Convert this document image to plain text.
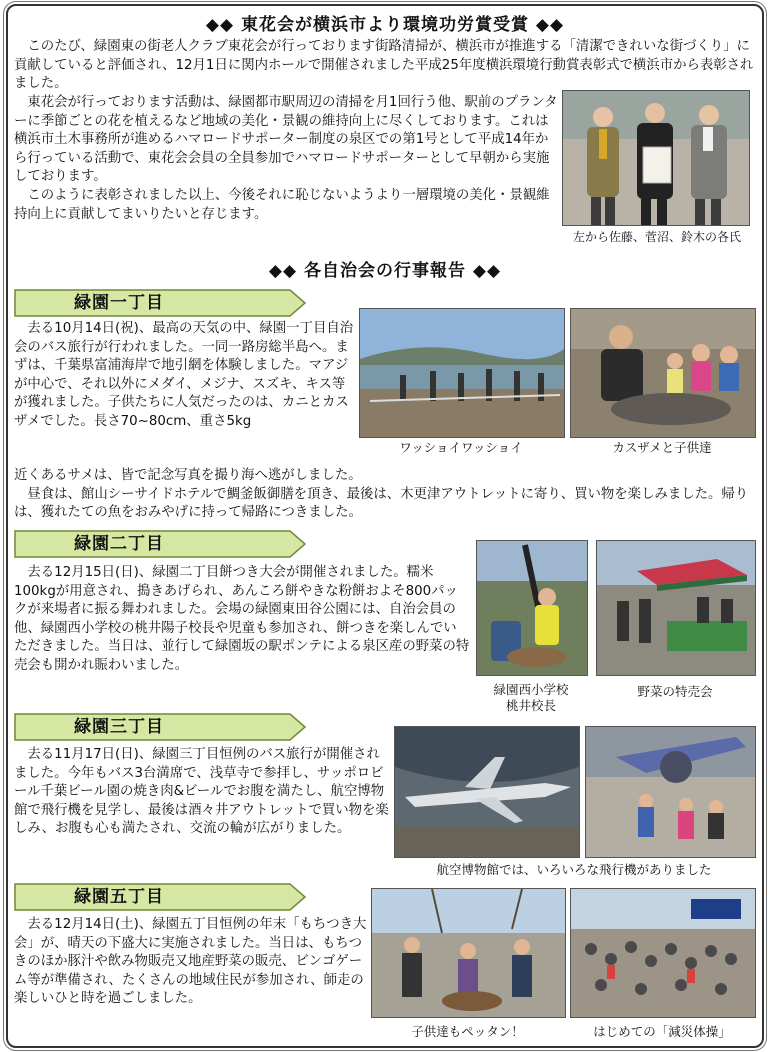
◆◆ 東花会が横浜市より環境功労賞受賞 ◆◆

このたび、緑園東の街老人クラブ東花会が行っております街路清掃が、横浜市が推進する「清潔できれいな街づくり」に貢献していると評価され、12月1日に関内ホールで開催されました平成25年度横浜環境行動賞表彰式で横浜市から表彰されました。

東花会が行っております活動は、緑園都市駅周辺の清掃を月1回行う他、駅前のプランターに季節ごとの花を植えるなど地域の美化・景観の維持向上に尽くしております。これは横浜市土木事務所が進めるハマロードサポーター制度の泉区での第1号として平成14年から行っている活動で、東花会会員の全員参加でハマロードサポーターとして早朝から実施しております。

このように表彰されました以上、今後それに恥じないようより一層環境の美化・景観維持向上に貢献してまいりたいと存じます。

左から佐藤、菅沼、鈴木の各氏
◆◆ 各自治会の行事報告 ◆◆
緑園一丁目

去る10月14日(祝)、最高の天気の中、緑園一丁目自治会のバス旅行が行われました。一同一路房総半島へ。まずは、千葉県富浦海岸で地引網を体験しました。マアジが中心で、それ以外にメダイ、メジナ、スズキ、キス等が獲れました。子供たちに人気だったのは、カニとカスザメでした。長さ70~80cm、重さ5kg

近くあるサメは、皆で記念写真を撮り海へ逃がしました。

昼食は、館山シーサイドホテルで鯛釜飯御膳を頂き、最後は、木更津アウトレットに寄り、買い物を楽しみました。帰りは、獲れたての魚をおみやげに持って帰路につきました。

ワッショイワッショイ	カスザメと子供達
緑園二丁目

去る12月15日(日)、緑園二丁目餅つき大会が開催されました。糯米100kgが用意され、搗きあげられ、あんころ餅やきな粉餅およそ800パックが来場者に振る舞われました。会場の緑園東田谷公園には、自治会員の他、緑園西小学校の桃井陽子校長や児童も参加され、餅つきを楽しんでいただきました。当日は、並行して緑園坂の駅ポンテによる泉区産の野菜の特売会も開かれ賑わいました。

緑園西小学校
桃井校長
野菜の特売会
緑園三丁目

去る11月17日(日)、緑園三丁目恒例のバス旅行が開催されました。今年もバス3台満席で、浅草寺で参拝し、サッポロビール千葉ビール園の焼き肉&ビールでお腹を満たし、航空博物館で飛行機を見学し、最後は酒々井アウトレットで買い物を楽しみ、お腹も心も満たされ、交流の輪が広がりました。

航空博物館では、いろいろな飛行機がありました
緑園五丁目

去る12月14日(土)、緑園五丁目恒例の年末「もちつき大会」が、晴天の下盛大に実施されました。当日は、もちつきのほか豚汁や飲み物販売又地産野菜の販売、ビンゴゲーム等が準備され、たくさんの地域住民が参加され、師走の楽しいひと時を過ごしました。

子供達もペッタン！	はじめての「減災体操」
